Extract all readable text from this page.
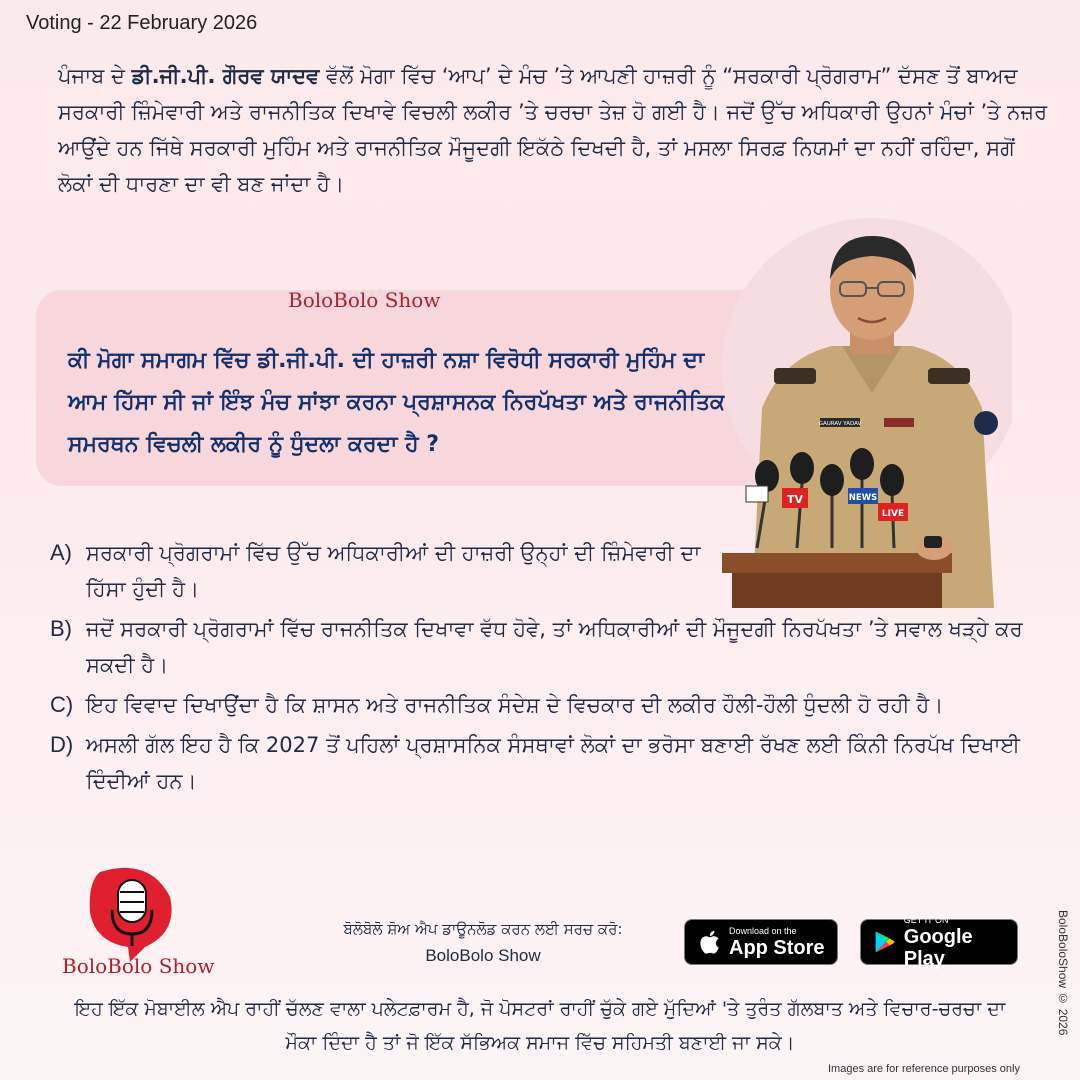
Voting - 22 February 2026
ਪੰਜਾਬ ਦੇ ਡੀ.ਜੀ.ਪੀ. ਗੌਰਵ ਯਾਦਵ ਵੱਲੋਂ ਮੋਗਾ ਵਿੱਚ ‘ਆਪ’ ਦੇ ਮੰਚ ’ਤੇ ਆਪਣੀ ਹਾਜ਼ਰੀ ਨੂੰ “ਸਰਕਾਰੀ ਪ੍ਰੋਗਰਾਮ” ਦੱਸਣ ਤੋਂ ਬਾਅਦ ਸਰਕਾਰੀ ਜ਼ਿੰਮੇਵਾਰੀ ਅਤੇ ਰਾਜਨੀਤਿਕ ਦਿਖਾਵੇ ਵਿਚਲੀ ਲਕੀਰ ’ਤੇ ਚਰਚਾ ਤੇਜ਼ ਹੋ ਗਈ ਹੈ। ਜਦੋਂ ਉੱਚ ਅਧਿਕਾਰੀ ਉਹਨਾਂ ਮੰਚਾਂ ’ਤੇ ਨਜ਼ਰ ਆਉਂਦੇ ਹਨ ਜਿੱਥੇ ਸਰਕਾਰੀ ਮੁਹਿੰਮ ਅਤੇ ਰਾਜਨੀਤਿਕ ਮੌਜੂਦਗੀ ਇਕੱਠੇ ਦਿਖਦੀ ਹੈ, ਤਾਂ ਮਸਲਾ ਸਿਰਫ਼ ਨਿਯਮਾਂ ਦਾ ਨਹੀਂ ਰਹਿੰਦਾ, ਸਗੋਂ ਲੋਕਾਂ ਦੀ ਧਾਰਣਾ ਦਾ ਵੀ ਬਣ ਜਾਂਦਾ ਹੈ।
BoloBolo Show
ਕੀ ਮੋਗਾ ਸਮਾਗਮ ਵਿੱਚ ਡੀ.ਜੀ.ਪੀ. ਦੀ ਹਾਜ਼ਰੀ ਨਸ਼ਾ ਵਿਰੋਧੀ ਸਰਕਾਰੀ ਮੁਹਿੰਮ ਦਾ ਆਮ ਹਿੱਸਾ ਸੀ ਜਾਂ ਇੰਝ ਮੰਚ ਸਾਂਝਾ ਕਰਨਾ ਪ੍ਰਸ਼ਾਸਨਕ ਨਿਰਪੱਖਤਾ ਅਤੇ ਰਾਜਨੀਤਿਕ ਸਮਰਥਨ ਵਿਚਲੀ ਲਕੀਰ ਨੂੰ ਧੁੰਦਲਾ ਕਰਦਾ ਹੈ ?
GAURAV YADAV
TV	NEWS
LIVE
A) ਸਰਕਾਰੀ ਪ੍ਰੋਗਰਾਮਾਂ ਵਿੱਚ ਉੱਚ ਅਧਿਕਾਰੀਆਂ ਦੀ ਹਾਜ਼ਰੀ ਉਨ੍ਹਾਂ ਦੀ ਜ਼ਿੰਮੇਵਾਰੀ ਦਾ ਹਿੱਸਾ ਹੁੰਦੀ ਹੈ।
B) ਜਦੋਂ ਸਰਕਾਰੀ ਪ੍ਰੋਗਰਾਮਾਂ ਵਿੱਚ ਰਾਜਨੀਤਿਕ ਦਿਖਾਵਾ ਵੱਧ ਹੋਵੇ, ਤਾਂ ਅਧਿਕਾਰੀਆਂ ਦੀ ਮੌਜੂਦਗੀ ਨਿਰਪੱਖਤਾ ’ਤੇ ਸਵਾਲ ਖੜ੍ਹੇ ਕਰ ਸਕਦੀ ਹੈ।
C) ਇਹ ਵਿਵਾਦ ਦਿਖਾਉਂਦਾ ਹੈ ਕਿ ਸ਼ਾਸਨ ਅਤੇ ਰਾਜਨੀਤਿਕ ਸੰਦੇਸ਼ ਦੇ ਵਿਚਕਾਰ ਦੀ ਲਕੀਰ ਹੌਲੀ-ਹੌਲੀ ਧੁੰਦਲੀ ਹੋ ਰਹੀ ਹੈ।
D) ਅਸਲੀ ਗੱਲ ਇਹ ਹੈ ਕਿ 2027 ਤੋਂ ਪਹਿਲਾਂ ਪ੍ਰਸ਼ਾਸਨਿਕ ਸੰਸਥਾਵਾਂ ਲੋਕਾਂ ਦਾ ਭਰੋਸਾ ਬਣਾਈ ਰੱਖਣ ਲਈ ਕਿੰਨੀ ਨਿਰਪੱਖ ਦਿਖਾਈ ਦਿੰਦੀਆਂ ਹਨ।
BoloBolo Show
ਬੋਲੋਬੋਲੋ ਸ਼ੋਅ ਐਪ ਡਾਊਨਲੋਡ ਕਰਨ ਲਈ ਸਰਚ ਕਰੋ:
BoloBolo Show
Download on the
App Store
GET IT ON
Google Play
ਇਹ ਇੱਕ ਮੋਬਾਈਲ ਐਪ ਰਾਹੀਂ ਚੱਲਣ ਵਾਲਾ ਪਲੇਟਫ਼ਾਰਮ ਹੈ, ਜੋ ਪੋਸਟਰਾਂ ਰਾਹੀਂ ਚੁੱਕੇ ਗਏ ਮੁੱਦਿਆਂ 'ਤੇ ਤੁਰੰਤ ਗੱਲਬਾਤ ਅਤੇ ਵਿਚਾਰ-ਚਰਚਾ ਦਾ ਮੌਕਾ ਦਿੰਦਾ ਹੈ ਤਾਂ ਜੋ ਇੱਕ ਸੱਭਿਅਕ ਸਮਾਜ ਵਿੱਚ ਸਹਿਮਤੀ ਬਣਾਈ ਜਾ ਸਕੇ।
BoloBoloShow © 2026
Images are for reference purposes only
